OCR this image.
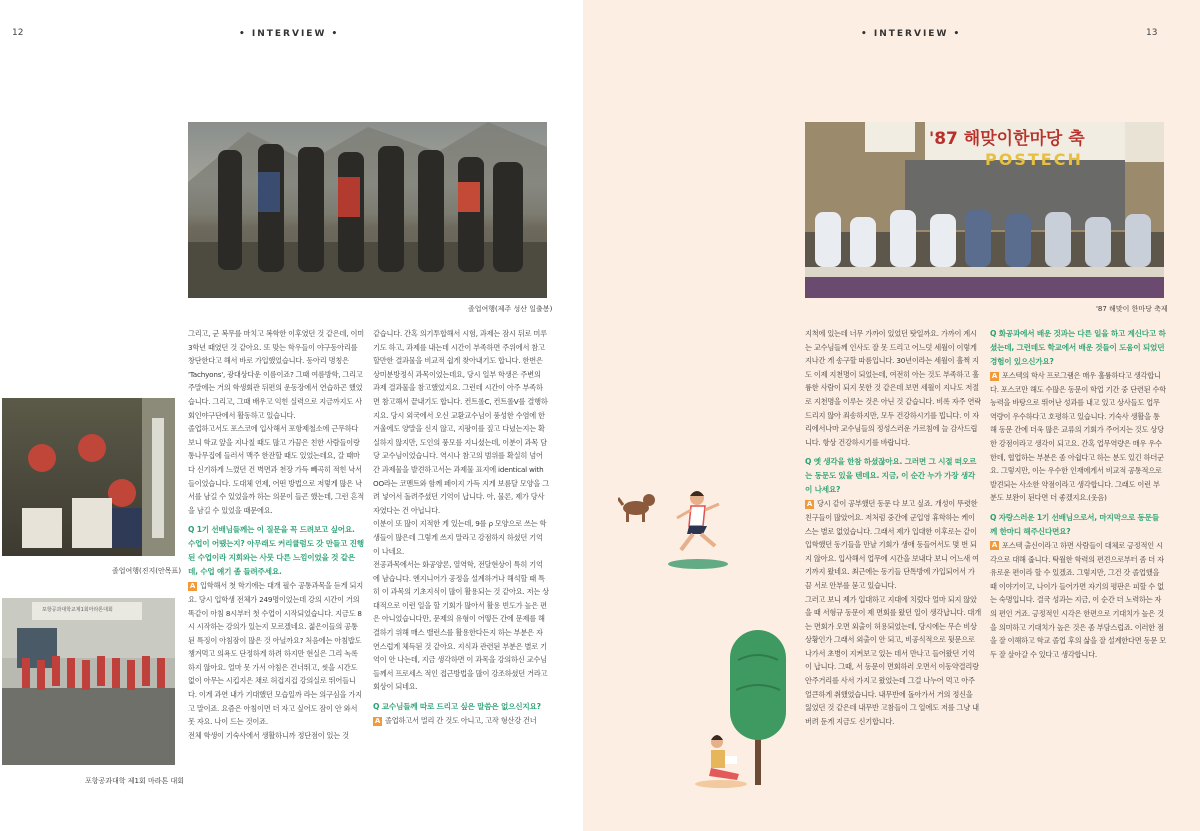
12	• INTERVIEW •
졸업여행(제주 성산 일출봉)
졸업여행(진지(안목표)
포항공과대학교제1회마라톤대회
포항공과대학 제1회 마라톤 대회

그리고, 군 복무를 마치고 복학한 이후였던 것 같은데, 이미 3학년 때였던 것 같아요. 또 맞는 학우들이 야구동아리를 창단한다고 해서 바로 가입했었습니다. 동아리 명칭은 'Tachyons', 광대상다운 이름이죠? 그때 여름방학, 그리고 주말에는 거의 학생회관 뒤편의 운동장에서 연습하곤 했었습니다. 그리고, 그때 배우고 익힌 실력으로 지금까지도 사회인야구단에서 활동하고 있습니다.

졸업하고서도 포스코에 입사해서 포항제철소에 근무하다 보니 학교 앞을 지나칠 때도 많고 가끔은 친한 사람들이랑 통나무집에 들러서 맥주 한잔할 때도 있었는데요, 갈 때마다 신기하게 느꼈던 건 벽면과 천장 가득 빼곡히 적힌 낙서들이었습니다. 도대체 언제, 어떤 방법으로 저렇게 많은 낙서를 남길 수 있었을까 하는 의문이 들곤 했는데, 그런 흔적을 남길 수 있었을 때문에요.

Q 1기 선배님들께는 이 질문을 꼭 드려보고 싶어요. 수업이 어땠는지? 아무래도 커리큘럼도 갓 만들고 진행된 수업이라 지회와는 사뭇 다른 느낌이었을 것 같은데, 수업 얘기 좀 들려주세요.

A 입학해서 첫 학기에는 대개 필수 공통과목을 듣게 되지요. 당시 입학생 전체가 249명이었는데 강의 시간이 거의 똑같이 아침 8시부터 첫 수업이 시작되었습니다. 지금도 8시 시작하는 강의가 있는지 모르겠네요. 젊은이들의 공통된 특징이 아침잠이 많은 것 아닐까요? 처음에는 아침밥도 챙겨먹고 의욕도 단정하게 하려 하지만 현실은 그리 녹록하지 않아요. 얼마 못 가서 아침은 건너뛰고, 씻을 시간도 없이 아무는 시킵지은 채로 허겁지겁 강의실로 뛰어들니다. 이게 과연 내가 기대했던 모습일까 라는 의구심을 가지고 말이죠. 요즘은 아침이면 더 자고 싶어도 잠이 안 와서 못 자요. 나이 드는 것이죠.

전체 학생이 기숙사에서 생활하니까 정단점이 있는 것

같습니다. 간혹 의기투합해서 시험, 과제는 잠시 뒤로 미루기도 하고, 과제를 내는데 시간이 부족하면 주위에서 참고할만한 결과물을 비교적 쉽게 찾아내기도 합니다. 한번은 상미분방정식 과목이었는데요, 당시 일부 학생은 주변의 과제 결과물을 참고했었지요. 그런데 시간이 아주 부족하면 참고해서 끝내기도 합니다. 컨트롤C, 컨트롤V를 결행하지요. 당시 외국에서 오신 교환교수님이 풍성한 수염에 한겨울에도 양말을 신지 않고, 지팡이를 짚고 다녔는지는 확실하지 않지만, 도인의 풍모를 지니셨는데, 이분이 과목 담당 교수님이었습니다. 역시나 참고의 범위를 확실히 넘어간 과제물을 발견하고서는 과제물 표지에 identical with OO라는 코멘트와 함께 페이지 가득 지게 보름달 모양을 그려 넣어서 돌려주셨던 기억이 납니다. 아, 물론, 제가 당사자였다는 건 아닙니다.

이분이 또 많이 지적한 게 있는데, 9를 ρ 모양으로 쓰는 학생들이 많은데 그렇게 쓰지 말라고 강점하지 하셨던 기억이 나네요.

전공과목에서는 화공양론, 열역학, 전달현상이 특히 기억에 남습니다. 엔지니어가 공정을 설계하거나 해석할 때 특히 이 과목의 기초지식이 많이 활용되는 것 같아요. 저는 상대적으로 이런 일을 할 기회가 많아서 활용 빈도가 높은 편은 아니었습니다만, 문제의 유형이 어떻든 간에 문제를 해결하기 위해 매스 밸런스를 활용한다든지 하는 부분은 자연스럽게 체득된 것 같아요. 지식과 관련된 부분은 별로 기억이 안 나는데, 지금 생각하면 이 과목을 강의하신 교수님들께서 프로세스 적인 접근방법을 많이 강조하셨던 거라고 회상이 되네요.

Q 교수님들께 따로 드리고 싶은 말씀은 없으신지요?

A 졸업하고서 멀리 간 것도 아니고, 고작 형산강 건너

• INTERVIEW •	13
'87 해맞이한마당 축
POSTECH
'87 해맞이 한마당 축제

지척에 있는데 너무 가까이 있었던 탓일까요. 가까이 계시는 교수님들께 인사도 잘 못 드리고 어느덧 세월이 이렇게 지나간 게 송구할 따름입니다. 30년이라는 세월이 훌쩍 지도 이제 지천명이 되었는데, 여전히 아는 것도 부족하고 훌륭한 사람이 되지 못한 것 같은데 보면 세월이 지나도 저절로 지천명을 이루는 것은 아닌 것 같습니다. 비록 자주 연락드리지 않아 죄송하지만, 모두 건강하시기를 빕니다. 이 자리에서나마 교수님들의 정성스러운 가르침에 늘 감사드립니다. 항상 건강하시기를 바랍니다.

Q 옛 생각을 한참 하셨잖아요. 그러면 그 시절 떠오르는 동문도 있을 텐데요. 지금, 이 순간 누가 가장 생각이 나세요?

A 당시 같이 공부했던 동문 다 보고 싶죠. 개성이 뚜렷한 친구들이 많았어요. 저처럼 중간에 군입영 휴학하는 케이스는 별로 없었습니다. 그래서 제가 입대한 이후로는 같이 입학했던 동기들을 만날 기회가 생애 동들어서도 몇 번 되지 않아요. 입사해서 업무에 시간을 보내다 보니 어느새 여기까지 왔네요. 최근에는 동기들 단톡방에 가입되어서 가끔 서로 안부를 묻고 있습니다.

그러고 보니 제가 입대하고 지대에 치렀다 얼마 되지 않았을 때 서형규 동문이 제 면회를 왔던 일이 생각납니다. 대개는 면회가 오면 외출이 허용되었는데, 당시에는 무슨 비상 상황인가 그래서 외출이 안 되고, 비공식적으로 뒷문으로 나가서 초병이 지켜보고 있는 데서 만나고 들어왔던 기억이 납니다. 그때, 서 동문이 면회하러 오면서 이동약결리랑 안주거리를 사서 가지고 왔었는데 그걸 나누어 먹고 아주 얼큰하게 취했었습니다. 내무반에 돌아가서 거의 정신을 잃었던 것 같은데 내무반 고참들이 그 일에도 저를 그냥 내버려 둔게 지금도 신기합니다.

Q 화공과에서 배운 것과는 다른 일을 하고 계신다고 하셨는데, 그런데도 학교에서 배운 것들이 도움이 되었던 경험이 있으신가요?

A 포스텍의 학사 프로그램은 매우 훌륭하다고 생각합니다. 포스코만 해도 수많은 동문이 학업 기간 중 단련된 수학능력을 바탕으로 뛰어난 성과를 내고 있고 상사들도 업무역량이 우수하다고 호평하고 있습니다. 기숙사 생활을 통해 동문 간에 더욱 많은 교류의 기회가 주어지는 것도 상당한 강점이라고 생각이 되고요. 간혹 업무역량은 매우 우수한데, 협업하는 부분은 좀 아쉽다고 하는 분도 있긴 하더군요. 그렇지만, 이는 우수한 인재에게서 비교적 공통적으로 발견되는 사소한 약점이라고 생각합니다. 그래도 이런 부분도 보완이 된다면 더 좋겠지요.(웃음)

Q 자랑스러운 1기 선배님으로서, 마지막으로 동문들께 한마디 해주신다면요?

A 포스텍 출신이라고 하면 사람들이 대체로 긍정적인 시각으로 대해 줍니다. 탁월한 학력의 편견으로부터 좀 더 자유로운 편이라 할 수 있겠죠. 그렇지만, 그건 갓 졸업했을 때 이야기이고, 나이가 들어가면 자기의 평판은 피할 수 없는 숙명입니다. 결국 성과는 지금, 이 순간 더 노력하는 자의 편인 거죠. 긍정적인 시각은 한편으로 기대치가 높은 것을 의미하고 기대치가 높은 것은 좀 부담스럽죠. 이러한 점을 잘 이해하고 학교 졸업 후의 삶을 잘 설계한다면 동문 모두 잘 살아갈 수 있다고 생각합니다.
